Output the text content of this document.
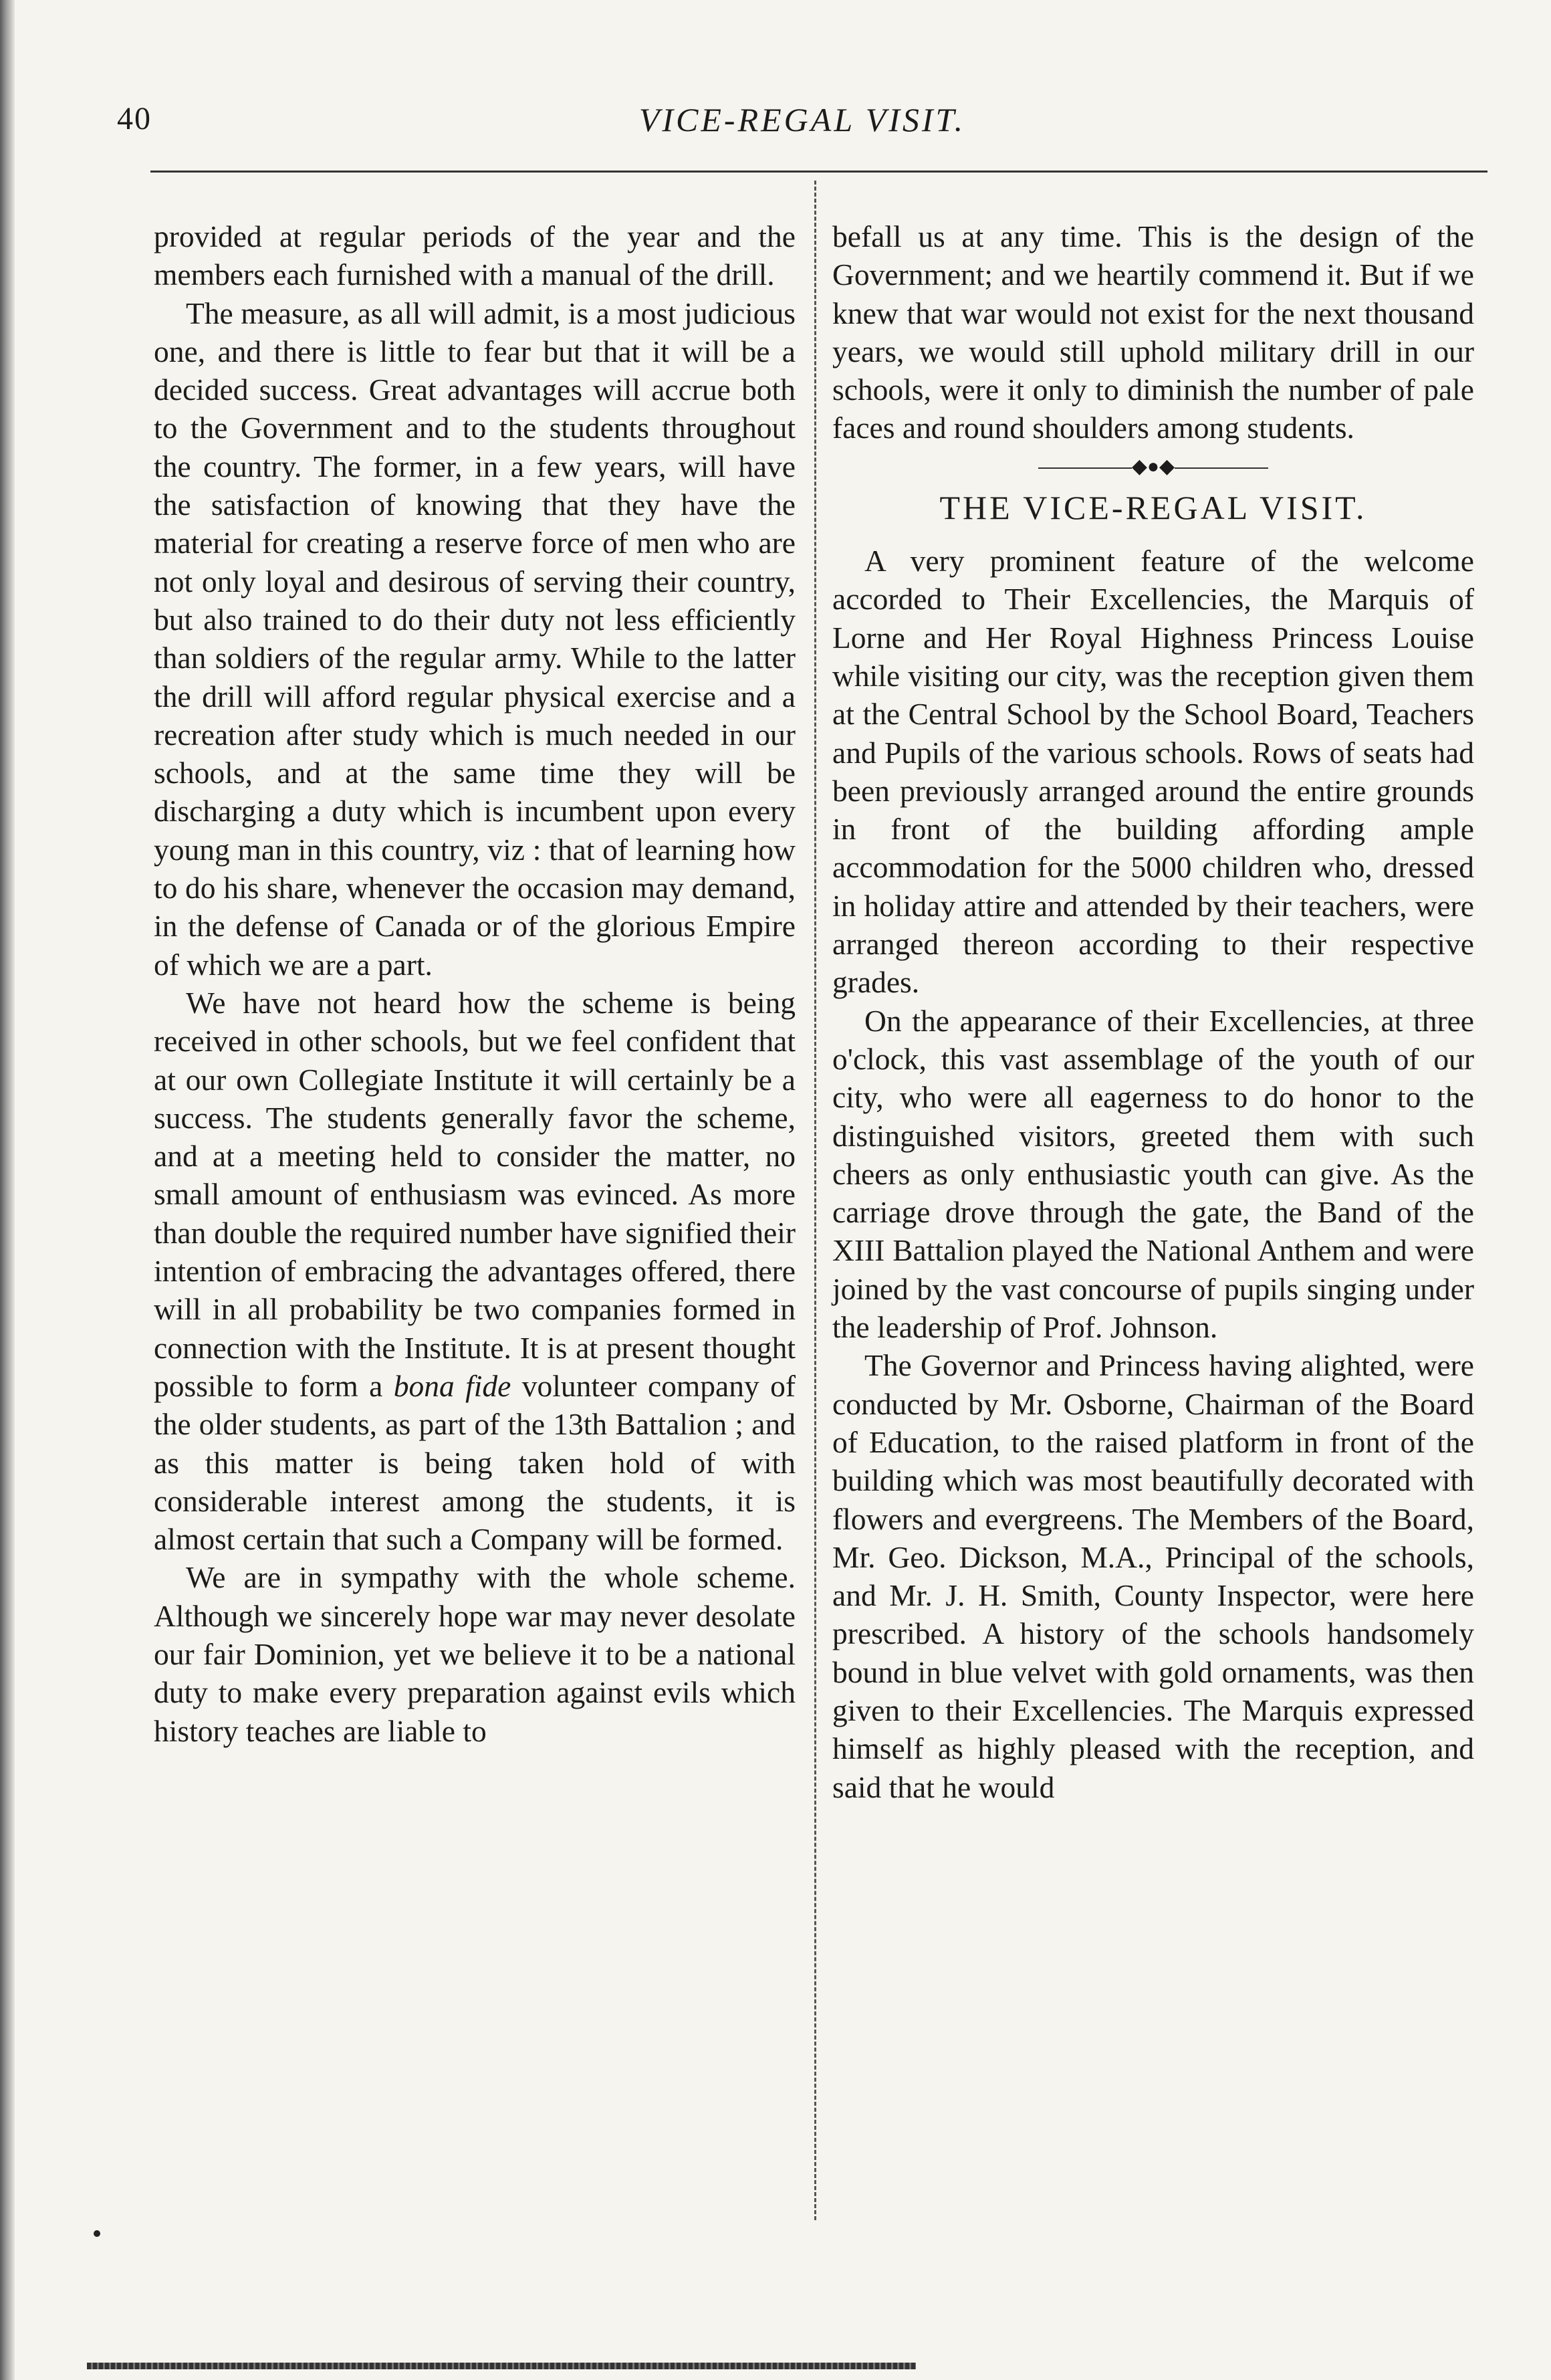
40	VICE-REGAL VISIT.

provided at regular periods of the year and the members each furnished with a manual of the drill.

The measure, as all will admit, is a most judicious one, and there is little to fear but that it will be a decided success. Great advantages will accrue both to the Government and to the students throughout the country. The former, in a few years, will have the satisfaction of knowing that they have the material for creating a reserve force of men who are not only loyal and desirous of serving their country, but also trained to do their duty not less efficiently than soldiers of the regular army. While to the latter the drill will afford regular physical exercise and a recreation after study which is much needed in our schools, and at the same time they will be discharging a duty which is incumbent upon every young man in this country, viz : that of learning how to do his share, whenever the occasion may demand, in the defense of Canada or of the glorious Empire of which we are a part.

We have not heard how the scheme is being received in other schools, but we feel confident that at our own Collegiate Institute it will certainly be a success. The students generally favor the scheme, and at a meeting held to consider the matter, no small amount of enthusiasm was evinced. As more than double the required number have signified their intention of embracing the advantages offered, there will in all probability be two companies formed in connection with the Institute. It is at present thought possible to form a bona fide volunteer company of the older students, as part of the 13th Battalion ; and as this matter is being taken hold of with considerable interest among the students, it is almost certain that such a Company will be formed.

We are in sympathy with the whole scheme. Although we sincerely hope war may never desolate our fair Dominion, yet we believe it to be a national duty to make every preparation against evils which history teaches are liable to

befall us at any time. This is the design of the Government; and we heartily commend it. But if we knew that war would not exist for the next thousand years, we would still uphold military drill in our schools, were it only to diminish the number of pale faces and round shoulders among students.

◆●◆
THE VICE-REGAL VISIT.

A very prominent feature of the welcome accorded to Their Excellencies, the Marquis of Lorne and Her Royal Highness Princess Louise while visiting our city, was the reception given them at the Central School by the School Board, Teachers and Pupils of the various schools. Rows of seats had been previously arranged around the entire grounds in front of the building affording ample accommodation for the 5000 children who, dressed in holiday attire and attended by their teachers, were arranged thereon according to their respective grades.

On the appearance of their Excellencies, at three o'clock, this vast assemblage of the youth of our city, who were all eagerness to do honor to the distinguished visitors, greeted them with such cheers as only enthusiastic youth can give. As the carriage drove through the gate, the Band of the XIII Battalion played the National Anthem and were joined by the vast concourse of pupils singing under the leadership of Prof. Johnson.

The Governor and Princess having alighted, were conducted by Mr. Osborne, Chairman of the Board of Education, to the raised platform in front of the building which was most beautifully decorated with flowers and evergreens. The Members of the Board, Mr. Geo. Dickson, M.A., Principal of the schools, and Mr. J. H. Smith, County Inspector, were here prescribed. A history of the schools handsomely bound in blue velvet with gold ornaments, was then given to their Excellencies. The Marquis expressed himself as highly pleased with the reception, and said that he would
